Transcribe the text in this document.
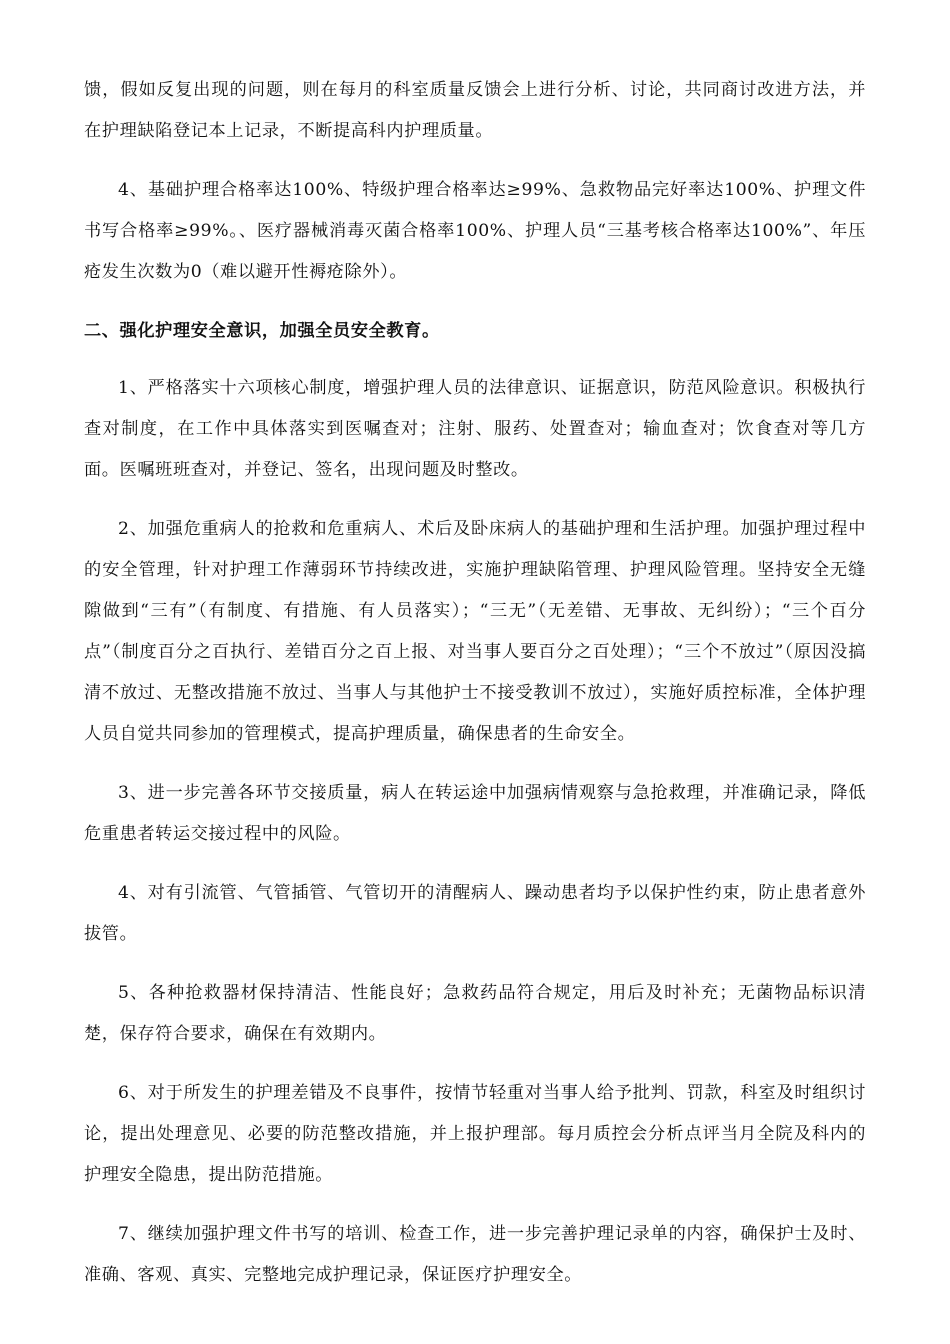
馈，假如反复出现的问题，则在每月的科室质量反馈会上进行分析、讨论，共同商讨改进方法，并在护理缺陷登记本上记录，不断提高科内护理质量。

4、基础护理合格率达100%、特级护理合格率达≥99%、急救物品完好率达100%、护理文件书写合格率≥99%。、医疗器械消毒灭菌合格率100%、护理人员“三基考核合格率达100%”、年压疮发生次数为0（难以避开性褥疮除外）。

二、强化护理安全意识，加强全员安全教育。

1、严格落实十六项核心制度，增强护理人员的法律意识、证据意识，防范风险意识。积极执行查对制度，在工作中具体落实到医嘱查对；注射、服药、处置查对；输血查对；饮食查对等几方面。医嘱班班查对，并登记、签名，出现问题及时整改。

2、加强危重病人的抢救和危重病人、术后及卧床病人的基础护理和生活护理。加强护理过程中的安全管理，针对护理工作薄弱环节持续改进，实施护理缺陷管理、护理风险管理。坚持安全无缝隙做到“三有”（有制度、有措施、有人员落实）；“三无”（无差错、无事故、无纠纷）；“三个百分点”（制度百分之百执行、差错百分之百上报、对当事人要百分之百处理）；“三个不放过”（原因没搞清不放过、无整改措施不放过、当事人与其他护士不接受教训不放过），实施好质控标准，全体护理人员自觉共同参加的管理模式，提高护理质量，确保患者的生命安全。

3、进一步完善各环节交接质量，病人在转运途中加强病情观察与急抢救理，并准确记录，降低危重患者转运交接过程中的风险。

4、对有引流管、气管插管、气管切开的清醒病人、躁动患者均予以保护性约束，防止患者意外拔管。

5、各种抢救器材保持清洁、性能良好；急救药品符合规定，用后及时补充；无菌物品标识清楚，保存符合要求，确保在有效期内。

6、对于所发生的护理差错及不良事件，按情节轻重对当事人给予批判、罚款，科室及时组织讨论，提出处理意见、必要的防范整改措施，并上报护理部。每月质控会分析点评当月全院及科内的护理安全隐患，提出防范措施。

7、继续加强护理文件书写的培训、检查工作，进一步完善护理记录单的内容，确保护士及时、准确、客观、真实、完整地完成护理记录，保证医疗护理安全。
